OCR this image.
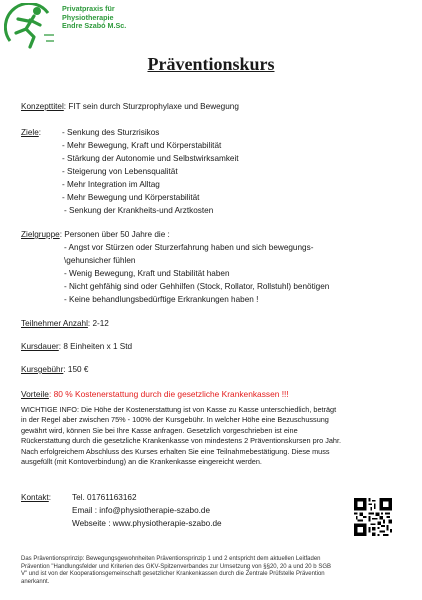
Privatpraxis für
Physiotherapie
Endre Szabó M.Sc.
Präventionskurs
Konzepttitel: FIT sein durch Sturzprophylaxe und Bewegung
Ziele :	- Senkung des Sturzrisikos
- Mehr Bewegung, Kraft und Körperstabilität
- Stärkung der Autonomie und Selbstwirksamkeit
- Steigerung von Lebensqualität
- Mehr Integration im Alltag
- Mehr Bewegung und Körperstabilität
- Senkung der Krankheits-und Arztkosten
Zielgruppe: Personen über 50 Jahre die :
- Angst vor Stürzen oder Sturzerfahrung haben und sich bewegungs-
\gehunsicher fühlen
- Wenig Bewegung, Kraft und Stabilität haben
- Nicht gehfähig sind oder Gehhilfen (Stock, Rollator, Rollstuhl) benötigen
- Keine behandlungsbedürftige Erkrankungen haben !
Teilnehmer Anzahl: 2-12
Kursdauer: 8 Einheiten x 1 Std
Kursgebühr: 150 €
Vorteile: 80 % Kostenerstattung durch die gesetzliche Krankenkassen !!!
WICHTIGE INFO: Die Höhe der Kostenerstattung ist von Kasse zu Kasse unterschiedlich, beträgt
in der Regel aber zwischen 75% - 100% der Kursgebühr. In welcher Höhe eine Bezuschussung
gewährt wird, können Sie bei Ihre Kasse anfragen. Gesetzlich vorgeschrieben ist eine
Rückerstattung durch die gesetzliche Krankenkasse von mindestens 2 Präventionskursen pro Jahr.
Nach erfolgreichem Abschluss des Kurses erhalten Sie eine Teilnahmebestätigung. Diese muss
ausgefüllt (mit Kontoverbindung) an die Krankenkasse eingereicht werden.
Kontakt :	Tel. 01761163162
Email : info@physiotherapie-szabo.de
Webseite : www.physiotherapie-szabo.de
Das Präventionsprinzip: Bewegungsgewohnheiten Präventionsprinzip 1 und 2 entspricht dem aktuellen Leitfaden
Prävention "Handlungsfelder und Kriterien des GKV-Spitzenverbandes zur Umsetzung von §§20, 20 a und 20 b SGB
V" und ist von der Kooperationsgemeinschaft gesetzlicher Krankenkassen durch die Zentrale Prüfstelle Prävention
anerkannt.
